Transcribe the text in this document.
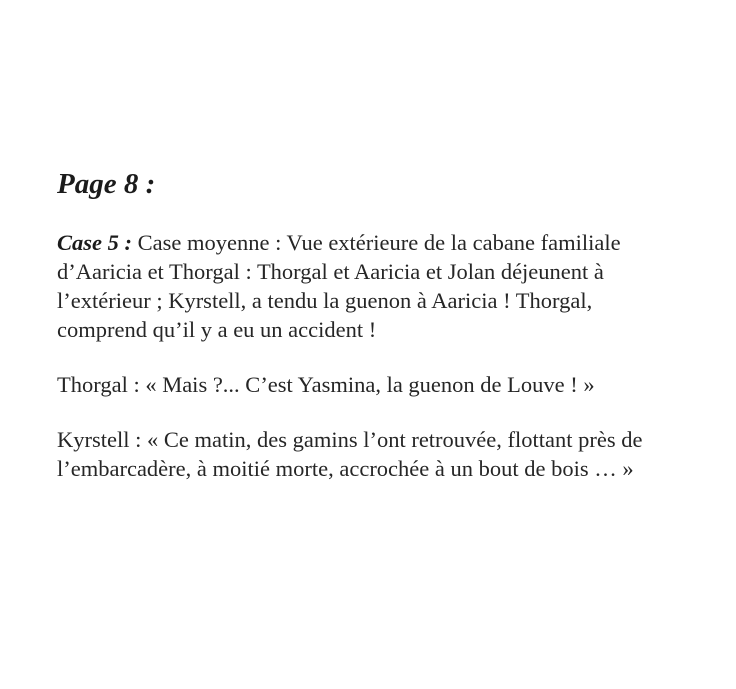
Page 8 :

Case 5 : Case moyenne : Vue extérieure de la cabane familiale d’Aaricia et Thorgal : Thorgal et Aaricia et Jolan déjeunent à l’extérieur ; Kyrstell, a tendu la guenon à Aaricia ! Thorgal, comprend qu’il y a eu un accident !

Thorgal : « Mais ?... C’est Yasmina, la guenon de Louve ! »

Kyrstell : « Ce matin, des gamins l’ont retrouvée, flottant près de l’embarcadère, à moitié morte, accrochée à un bout de bois … »
